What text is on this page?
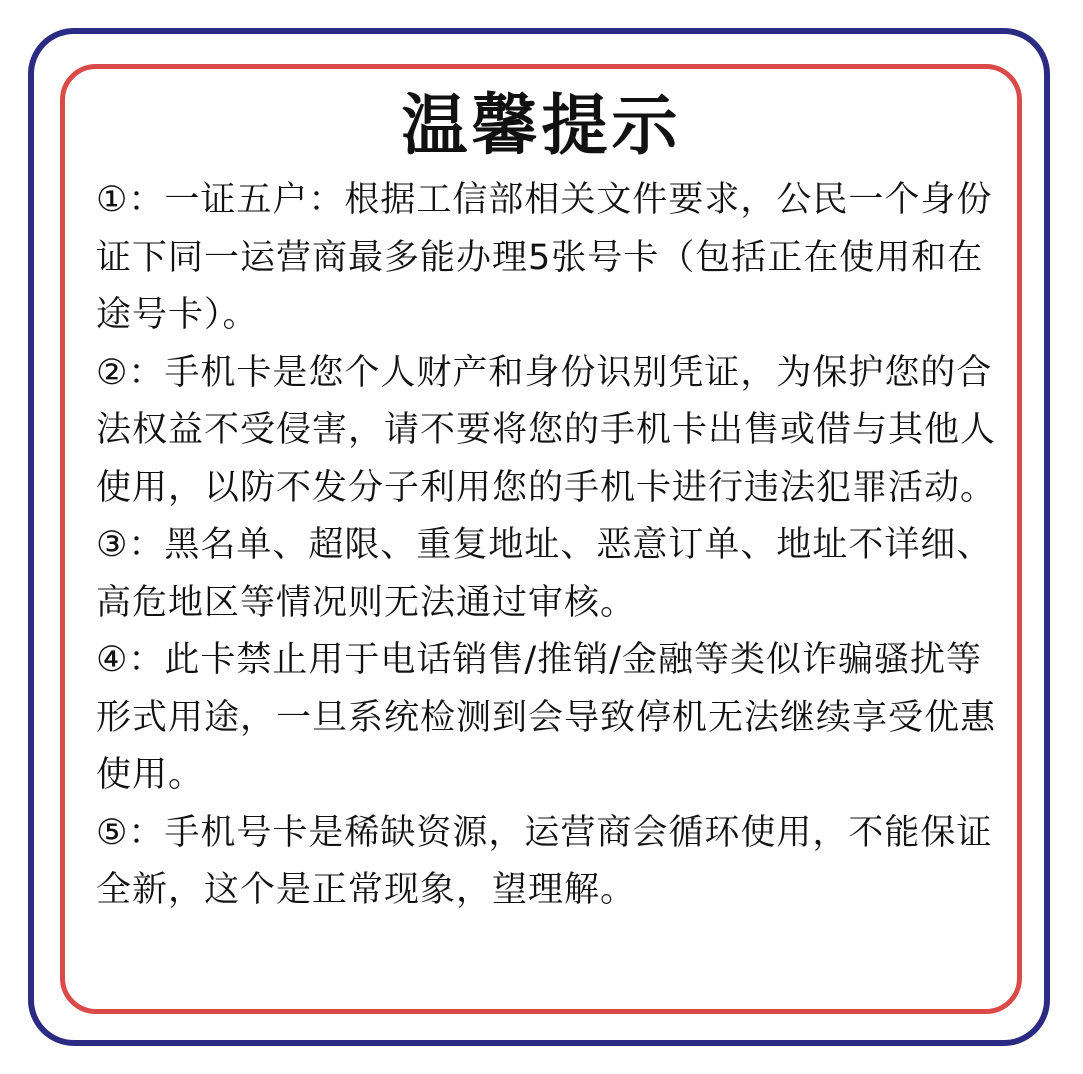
温馨提示

①：一证五户：根据工信部相关文件要求，公民一个身份证下同一运营商最多能办理5张号卡（包括正在使用和在途号卡）。

②：手机卡是您个人财产和身份识别凭证，为保护您的合法权益不受侵害，请不要将您的手机卡出售或借与其他人使用，以防不发分子利用您的手机卡进行违法犯罪活动。

③：黑名单、超限、重复地址、恶意订单、地址不详细、高危地区等情况则无法通过审核。

④：此卡禁止用于电话销售/推销/金融等类似诈骗骚扰等形式用途，一旦系统检测到会导致停机无法继续享受优惠使用。

⑤：手机号卡是稀缺资源，运营商会循环使用，不能保证全新，这个是正常现象，望理解。
